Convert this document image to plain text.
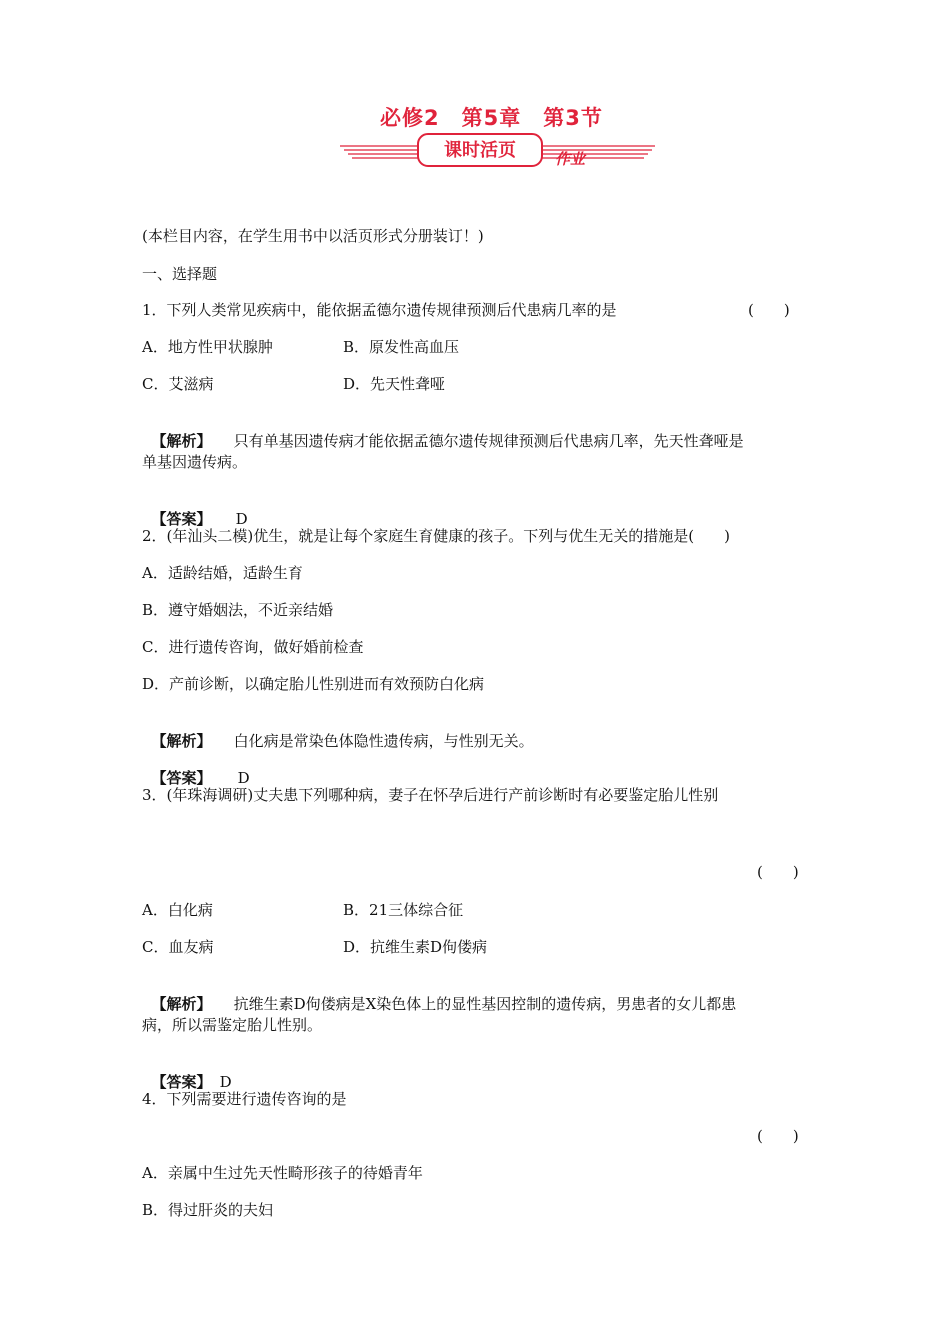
必修2　第5章　第3节
课时活页	作业
(本栏目内容，在学生用书中以活页形式分册装订！)
一、选择题
1．下列人类常见疾病中，能依据孟德尔遗传规律预测后代患病几率的是	(　　)
A．地方性甲状腺肿	B．原发性高血压
C．艾滋病	D．先天性聋哑

【解析】 只有单基因遗传病才能依据孟德尔遗传规律预测后代患病几率，先天性聋哑是

单基因遗传病。

【答案】 D

2．(年汕头二模)优生，就是让每个家庭生育健康的孩子。下列与优生无关的措施是(　　)
A．适龄结婚，适龄生育
B．遵守婚姻法，不近亲结婚
C．进行遗传咨询，做好婚前检查
D．产前诊断，以确定胎儿性别进而有效预防白化病

【解析】 白化病是常染色体隐性遗传病，与性别无关。

【答案】 D

3．(年珠海调研)丈夫患下列哪种病，妻子在怀孕后进行产前诊断时有必要鉴定胎儿性别
(　　)
A．白化病	B．21三体综合征
C．血友病	D．抗维生素D佝偻病

【解析】 抗维生素D佝偻病是X染色体上的显性基因控制的遗传病，男患者的女儿都患

病，所以需鉴定胎儿性别。

【答案】 D

4．下列需要进行遗传咨询的是
(　　)
A．亲属中生过先天性畸形孩子的待婚青年
B．得过肝炎的夫妇
